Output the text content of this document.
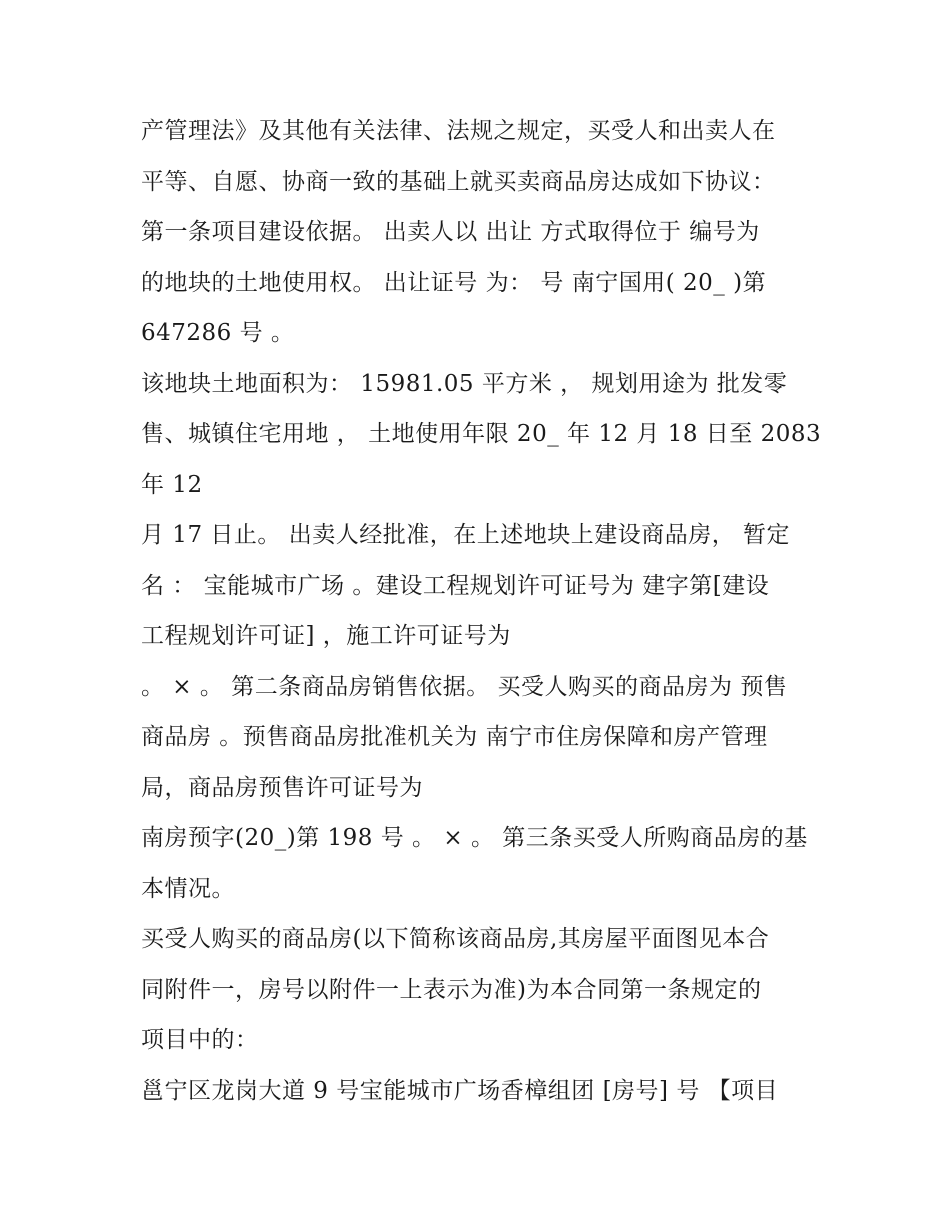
产管理法》及其他有关法律、法规之规定，买受人和出卖人在
平等、自愿、协商一致的基础上就买卖商品房达成如下协议：
第一条项目建设依据。 出卖人以 出让 方式取得位于 编号为
的地块的土地使用权。 出让证号 为： 号 南宁国用( 20_ )第
647286 号 。
该地块土地面积为： 15981.05 平方米 ， 规划用途为 批发零
售、城镇住宅用地 ， 土地使用年限 20_ 年 12 月 18 日至 2083
年 12
月 17 日止。 出卖人经批准，在上述地块上建设商品房， 暂定
名 ： 宝能城市广场 。建设工程规划许可证号为 建字第[建设
工程规划许可证] ，施工许可证号为
。 × 。 第二条商品房销售依据。 买受人购买的商品房为 预售
商品房 。预售商品房批准机关为 南宁市住房保障和房产管理
局，商品房预售许可证号为
南房预字(20_)第 198 号 。 × 。 第三条买受人所购商品房的基
本情况。
买受人购买的商品房(以下简称该商品房,其房屋平面图见本合
同附件一，房号以附件一上表示为准)为本合同第一条规定的
项目中的：
邕宁区龙岗大道 9 号宝能城市广场香樟组团 [房号] 号 【项目
